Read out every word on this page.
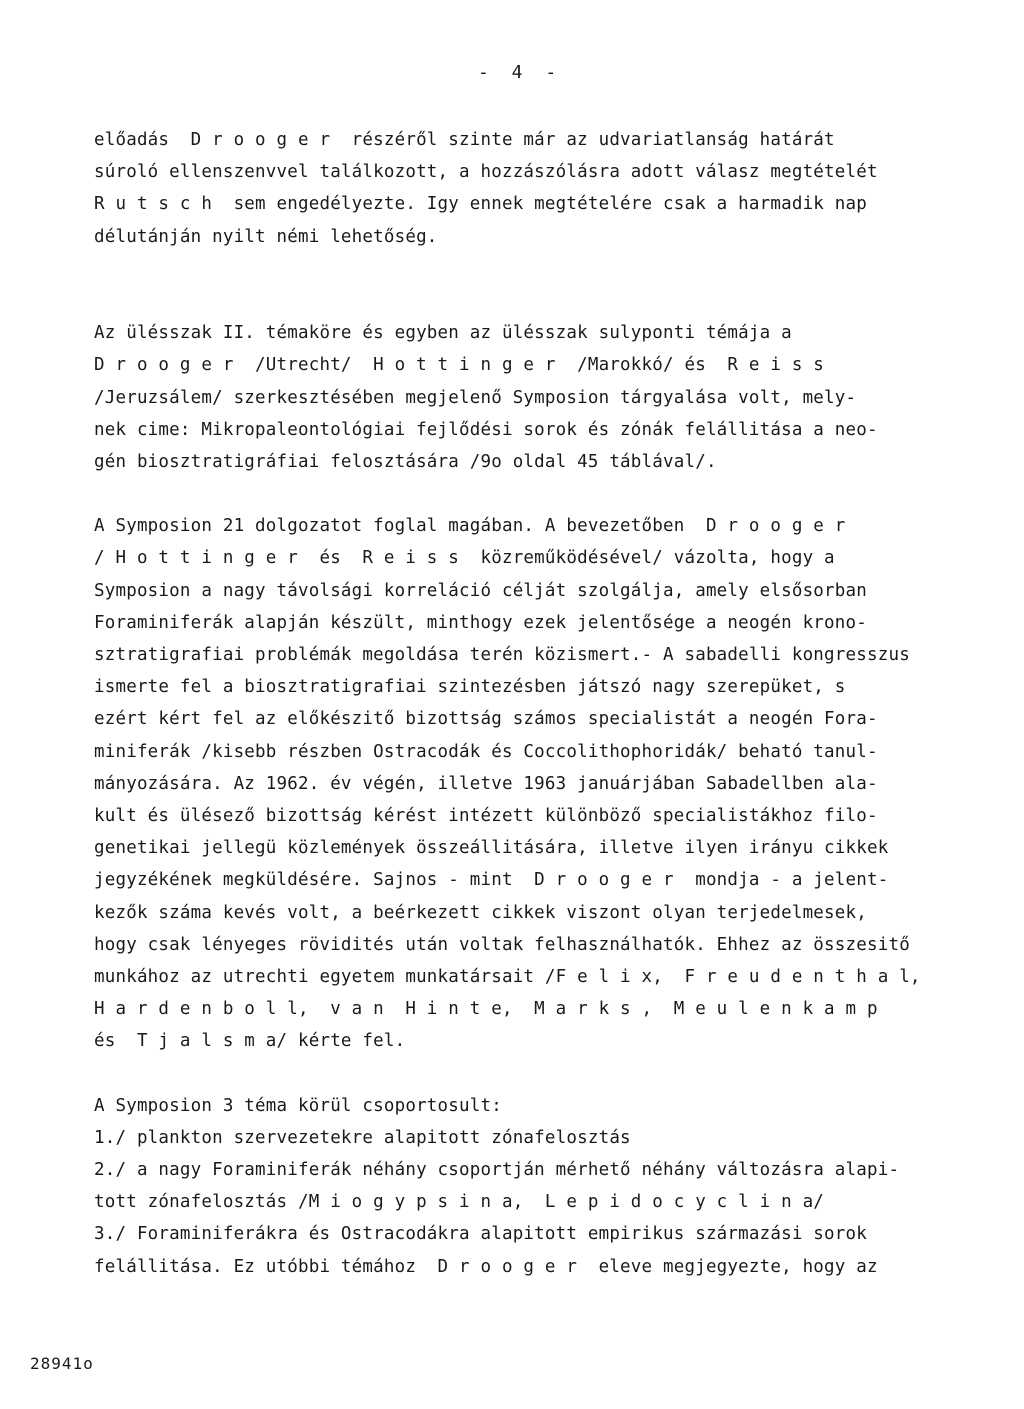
- 4 -
előadás  D r o o g e r  részéről szinte már az udvariatlanság határát
súroló ellenszenvvel találkozott, a hozzászólásra adott válasz megtételét
R u t s c h  sem engedélyezte. Igy ennek megtételére csak a harmadik nap
délutánján nyilt némi lehetőség.
Az ülésszak II. témaköre és egyben az ülésszak sulyponti témája a
D r o o g e r  /Utrecht/  H o t t i n g e r  /Marokkó/ és  R e i s s
/Jeruzsálem/ szerkesztésében megjelenő Symposion tárgyalása volt, mely-
nek cime: Mikropaleontológiai fejlődési sorok és zónák felállitása a neo-
gén biosztratigráfiai felosztására /9o oldal 45 táblával/.
A Symposion 21 dolgozatot foglal magában. A bevezetőben  D r o o g e r
/ H o t t i n g e r  és  R e i s s  közreműködésével/ vázolta, hogy a
Symposion a nagy távolsági korreláció célját szolgálja, amely elsősorban
Foraminiferák alapján készült, minthogy ezek jelentősége a neogén krono-
sztratigrafiai problémák megoldása terén közismert.- A sabadelli kongresszus
ismerte fel a biosztratigrafiai szintezésben játszó nagy szerepüket, s
ezért kért fel az előkészitő bizottság számos specialistát a neogén Fora-
miniferák /kisebb részben Ostracodák és Coccolithophoridák/ beható tanul-
mányozására. Az 1962. év végén, illetve 1963 januárjában Sabadellben ala-
kult és ülésező bizottság kérést intézett különböző specialistákhoz filo-
genetikai jellegü közlemények összeállitására, illetve ilyen irányu cikkek
jegyzékének megküldésére. Sajnos - mint  D r o o g e r  mondja - a jelent-
kezők száma kevés volt, a beérkezett cikkek viszont olyan terjedelmesek,
hogy csak lényeges rövidités után voltak felhasználhatók. Ehhez az összesitő
munkához az utrechti egyetem munkatársait /F e l i x,  F r e u d e n t h a l,
H a r d e n b o l l,  v a n  H i n t e,  M a r k s ,  M e u l e n k a m p
és  T j a l s m a/ kérte fel.
A Symposion 3 téma körül csoportosult:
1./ plankton szervezetekre alapitott zónafelosztás
2./ a nagy Foraminiferák néhány csoportján mérhető néhány változásra alapi-
tott zónafelosztás /M i o g y p s i n a,  L e p i d o c y c l i n a/
3./ Foraminiferákra és Ostracodákra alapitott empirikus származási sorok
felállitása. Ez utóbbi témához  D r o o g e r  eleve megjegyezte, hogy az
28941o
